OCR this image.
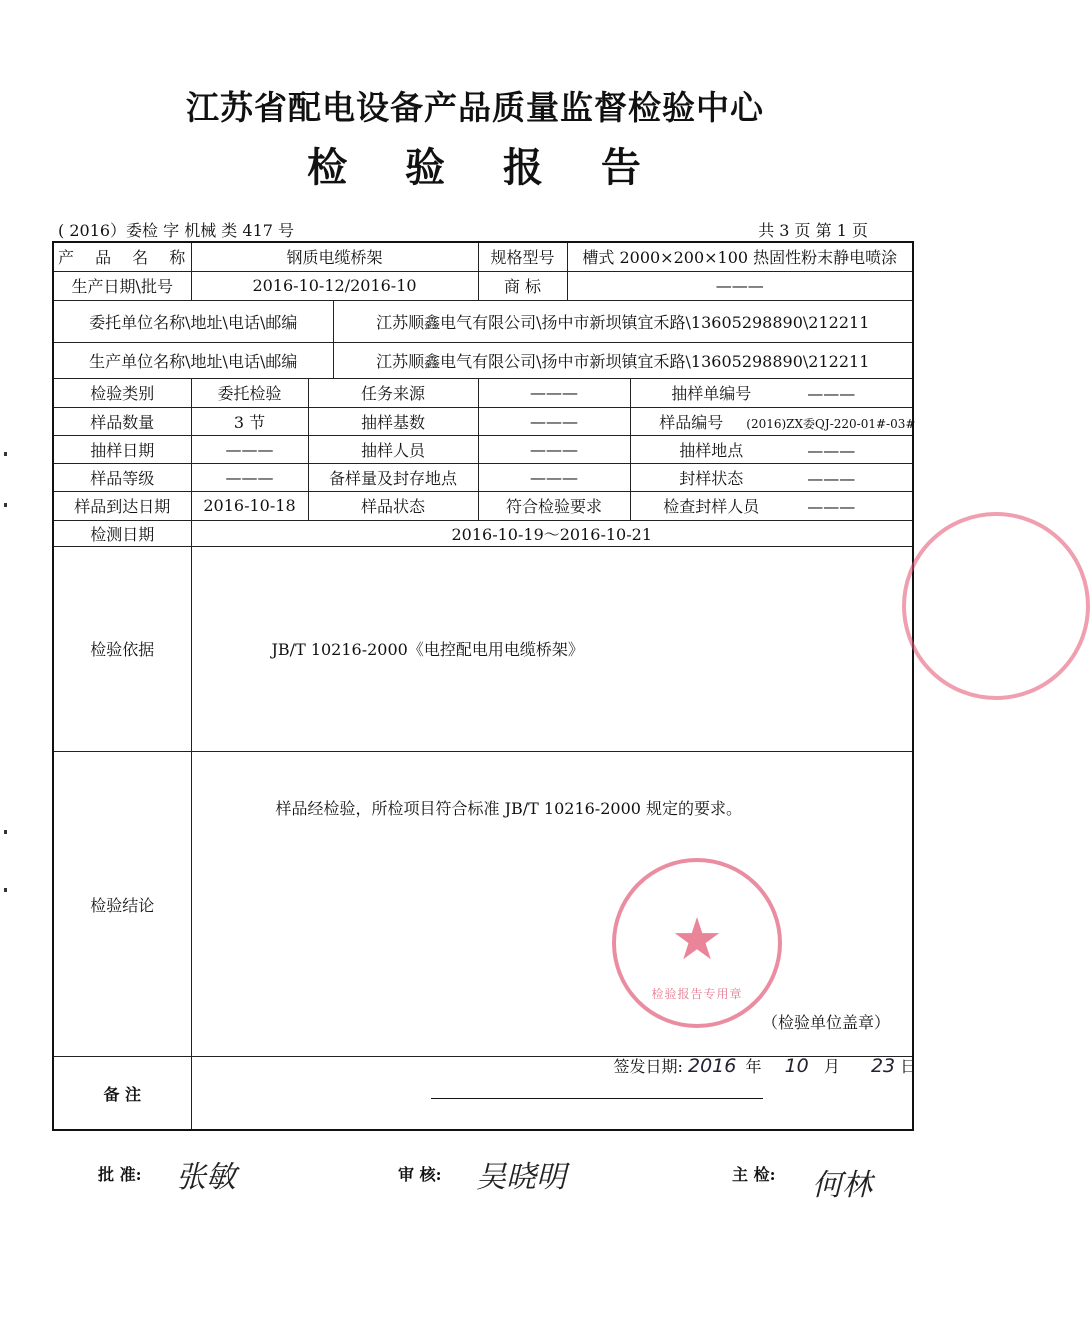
江苏省配电设备产品质量监督检验中心
检 验 报 告
( 2016）委检 字 机械 类 417 号	共 3 页 第 1 页
产 品 名 称	钢质电缆桥架			规格型号	槽式 2000×200×100 热固性粉末静电喷涂	
生产日期\批号	2016-10-12/2016-10			商 标	———	
委托单位名称\地址\电话\邮编			江苏顺鑫电气有限公司\扬中市新坝镇宜禾路\13605298890\212211			
生产单位名称\地址\电话\邮编			江苏顺鑫电气有限公司\扬中市新坝镇宜禾路\13605298890\212211			
检验类别	委托检验	任务来源		———		抽样单编号 ———
样品数量	3 节	抽样基数		———		样品编号 (2016)ZX委QJ-220-01#-03#
抽样日期	———	抽样人员		———		抽样地点 ———
样品等级	———	备样量及封存地点		———		封样状态 ———
样品到达日期	2016-10-18	样品状态		符合检验要求		检查封样人员 ———
检测日期	2016-10-19～2016-10-21					
检验依据	JB/T 10216-2000《电控配电用电缆桥架》					

检验结论	样品经检验，所检项目符合标准 JB/T 10216-2000 规定的要求。
（检验单位盖章）
签发日期: 2016 年 10 月 23 日					

备 注						
★
检验报告专用章
批 准: 张敏	审 核: 吴晓明	主 检: 何林
